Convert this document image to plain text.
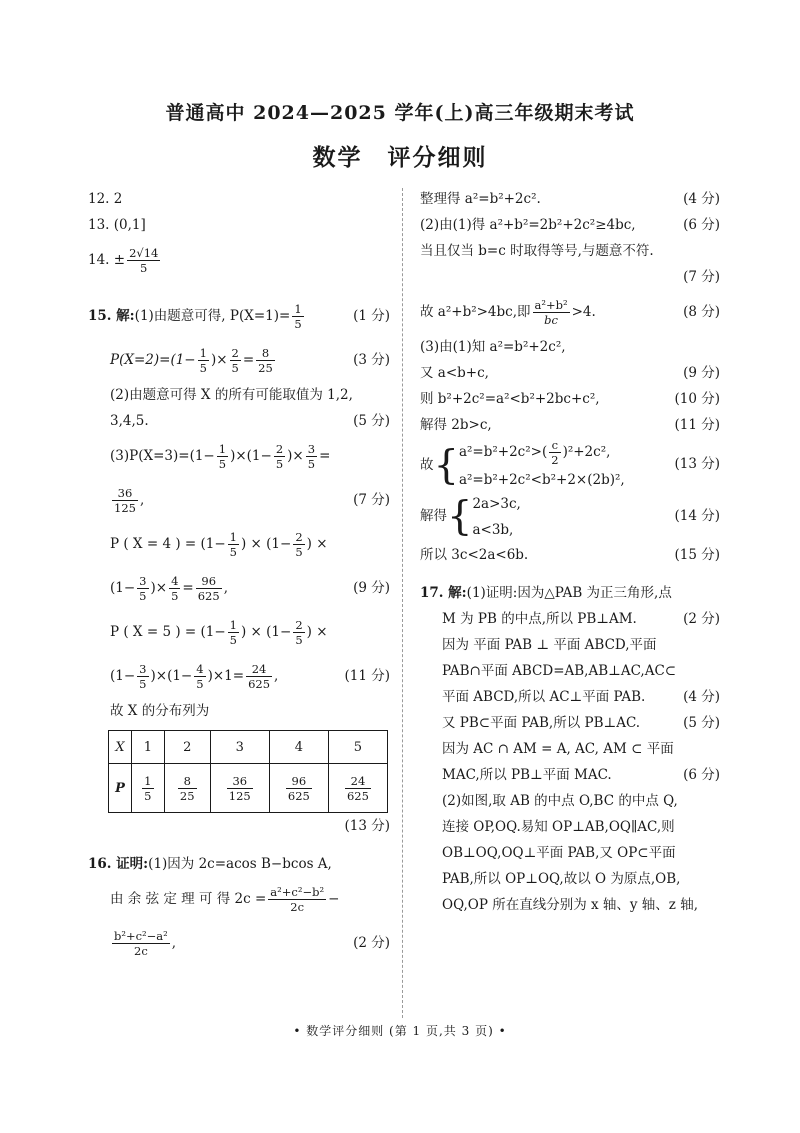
普通高中 2024—2025 学年(上)高三年级期末考试
数学　评分细则
12. 2
13. (0,1]
14. ± $\frac{2√14}{5}$
15. 解:(1)由题意可得, $P(X=1)= \frac{1}{5}$	(1 分)
$P(X=2)=(1- \frac{1}{5}$ )× $\frac{2}{5} = \frac{8}{25}$	(3 分)
(2)由题意可得 X 的所有可能取值为 1,2,
3,4,5.	(5 分)
$(3)P(X=3)=(1- \frac{1}{5} )\times(1- \frac{2}{5}$ )× $\frac{3}{5}$ =
$\frac{36}{125}$ ,	(7 分)
P ( X = 4 ) = ($1- \frac{1}{5}$ ) × ($1- \frac{2}{5}$ ) ×
($1- \frac{3}{5}$ )× $\frac{4}{5} = \frac{96}{625}$ ,	(9 分)
P ( X = 5 ) = ($1- \frac{1}{5}$ ) × ($1- \frac{2}{5}$ ) ×
$(1- \frac{3}{5} )\times(1- \frac{4}{5} )\times 1= \frac{24}{625}$ ,	(11 分)
故 X 的分布列为
X	1	2	3	4	5
P	$\frac{1}{5}$	$\frac{8}{25}$	$\frac{36}{125}$	$\frac{96}{625}$	$\frac{24}{625}$
(13 分)
16. 证明:(1)因为 2c=acos B−bcos A,
由 余 弦 定 理 可 得 $2c = \frac{\text{a²+c²−b²}}{2c}$ −
$\frac{\text{b²+c²−a²}}{2c}$ ,	(2 分)
整理得 a²=b²+2c².	(4 分)
(2)由(1)得 a²+b²=2b²+2c²≥4bc,	(6 分)
当且仅当 b=c 时取得等号,与题意不符.
(7 分)
故 a²+b²>4bc,即 $\frac{\text{a²+b²}}{bc} >4$.	(8 分)
(3)由(1)知 a²=b²+2c²,
又 a<b+c,	(9 分)
则 b²+2c²=a²<b²+2bc+c²,	(10 分)
解得 2b>c,	(11 分)
故{ $a^2=b^2+2c^2>( \frac{c}{2} )^2+2c^2$,
a²=b²+2c²<b²+2×(2b)²,
(13 分)
解得{ 2a>3c,
a<3b,
(14 分)
所以 3c<2a<6b.	(15 分)
17. 解:(1)证明:因为△PAB 为正三角形,点
M 为 PB 的中点,所以 PB⊥AM.	(2 分)
因为 平面 PAB ⊥ 平面 ABCD,平面
PAB∩平面 ABCD=AB,AB⊥AC,AC⊂
平面 ABCD,所以 AC⊥平面 PAB.	(4 分)
又 PB⊂平面 PAB,所以 PB⊥AC.	(5 分)
因为 AC ∩ AM = A, AC, AM ⊂ 平面
MAC,所以 PB⊥平面 MAC.	(6 分)
(2)如图,取 AB 的中点 O,BC 的中点 Q,
连接 OP,OQ.易知 OP⊥AB,OQ∥AC,则
OB⊥OQ,OQ⊥平面 PAB,又 OP⊂平面
PAB,所以 OP⊥OQ,故以 O 为原点,OB,
OQ,OP 所在直线分别为 x 轴、y 轴、z 轴,
• 数学评分细则 (第 1 页,共 3 页) •
